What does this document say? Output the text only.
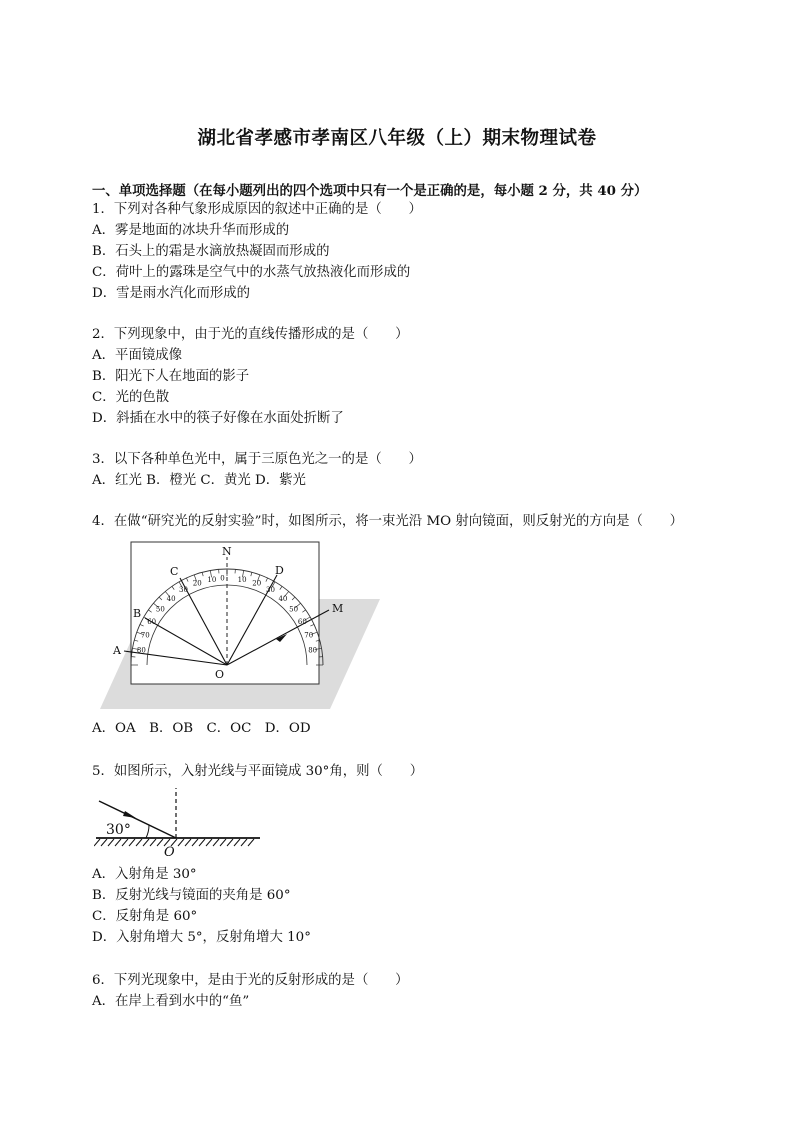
湖北省孝感市孝南区八年级（上）期末物理试卷
一、单项选择题（在每小题列出的四个选项中只有一个是正确的是，每小题 2 分，共 40 分）
1．下列对各种气象形成原因的叙述中正确的是（　　）
A．雾是地面的冰块升华而形成的
B．石头上的霜是水滴放热凝固而形成的
C．荷叶上的露珠是空气中的水蒸气放热液化而形成的
D．雪是雨水汽化而形成的
2．下列现象中，由于光的直线传播形成的是（　　）
A．平面镜成像
B．阳光下人在地面的影子
C．光的色散
D．斜插在水中的筷子好像在水面处折断了
3．以下各种单色光中，属于三原色光之一的是（　　）
A．红光 B．橙光 C．黄光 D．紫光
4．在做“研究光的反射实验”时，如图所示，将一束光沿 MO 射向镜面，则反射光的方向是（　　）
N
C	D
B	M
A
O
0
10
20
30
40
50
60
70
80
10 20
30
40
50
60
70
80
A．OA　B．OB　C．OC　D．OD
5．如图所示，入射光线与平面镜成 30°角，则（　　）
30°
O
A．入射角是 30°
B．反射光线与镜面的夹角是 60°
C．反射角是 60°
D．入射角增大 5°，反射角增大 10°
6．下列光现象中，是由于光的反射形成的是（　　）
A．在岸上看到水中的“鱼”
